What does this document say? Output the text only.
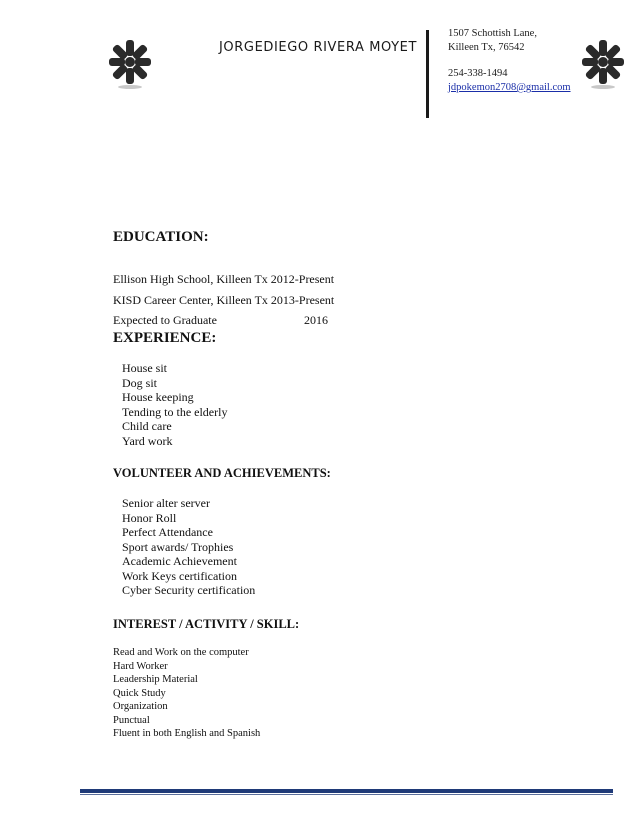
JORGEDIEGO RIVERA MOYET
1507 Schottish Lane,
Killeen Tx, 76542
254-338-1494
jdpokemon2708@gmail.com
EDUCATION:
Ellison High School, Killeen Tx 2012-Present
KISD Career Center, Killeen Tx 2013-Present
Expected to Graduate	2016
EXPERIENCE:
House sit
Dog sit
House keeping
Tending to the elderly
Child care
Yard work
VOLUNTEER AND ACHIEVEMENTS:
Senior alter server
Honor Roll
Perfect Attendance
Sport awards/ Trophies
Academic Achievement
Work Keys certification
Cyber Security certification
INTEREST / ACTIVITY / SKILL:
Read and Work on the computer
Hard Worker
Leadership Material
Quick Study
Organization
Punctual
Fluent in both English and Spanish
